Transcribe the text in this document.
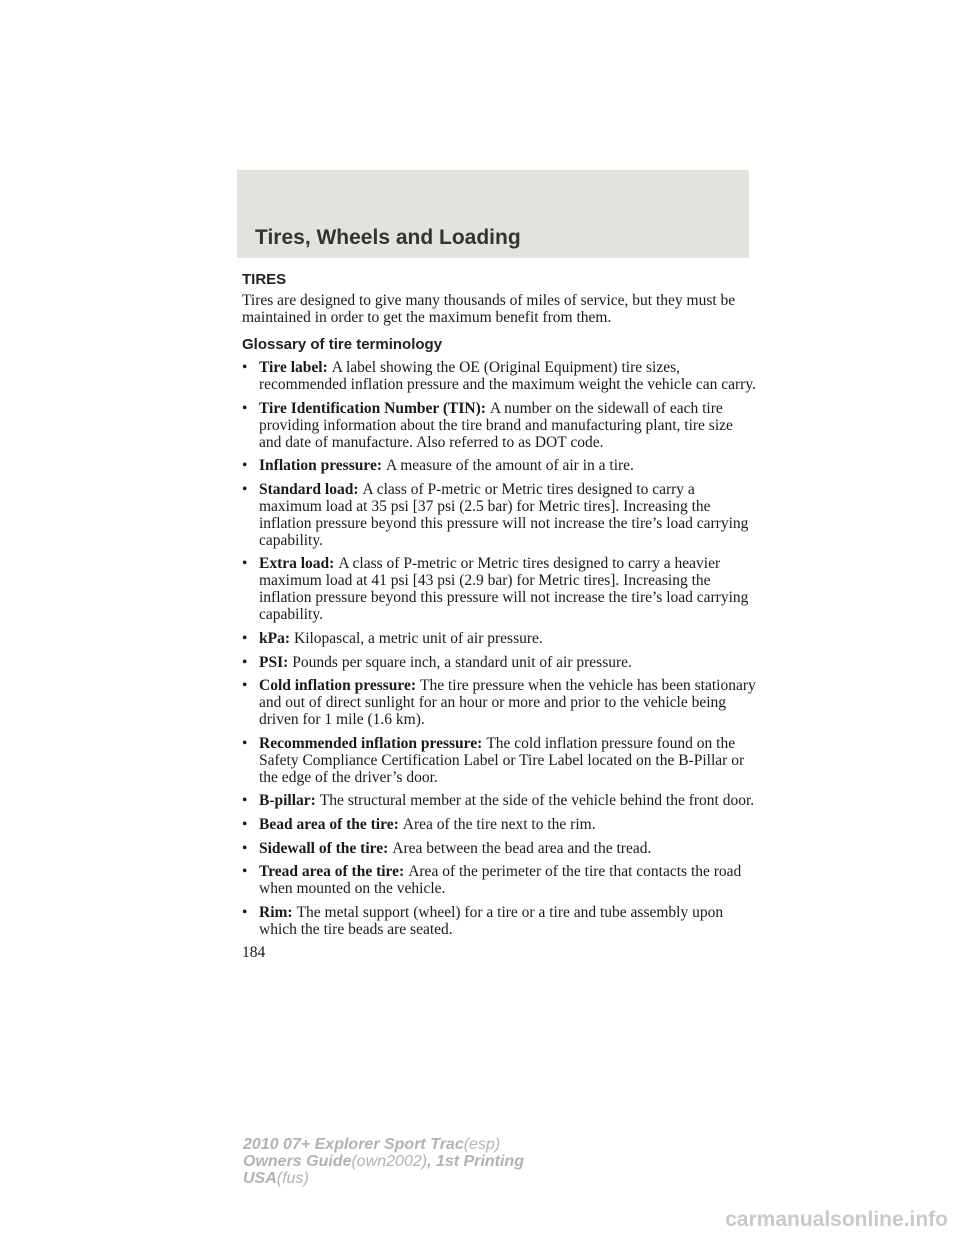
Tires, Wheels and Loading
TIRES

Tires are designed to give many thousands of miles of service, but they must be maintained in order to get the maximum benefit from them.

Glossary of tire terminology
• Tire label: A label showing the OE (Original Equipment) tire sizes, recommended inflation pressure and the maximum weight the vehicle can carry.
• Tire Identification Number (TIN): A number on the sidewall of each tire providing information about the tire brand and manufacturing plant, tire size and date of manufacture. Also referred to as DOT code.
• Inflation pressure: A measure of the amount of air in a tire.
• Standard load: A class of P-metric or Metric tires designed to carry a maximum load at 35 psi [37 psi (2.5 bar) for Metric tires]. Increasing the inflation pressure beyond this pressure will not increase the tire’s load carrying capability.
• Extra load: A class of P-metric or Metric tires designed to carry a heavier maximum load at 41 psi [43 psi (2.9 bar) for Metric tires]. Increasing the inflation pressure beyond this pressure will not increase the tire’s load carrying capability.
• kPa: Kilopascal, a metric unit of air pressure.
• PSI: Pounds per square inch, a standard unit of air pressure.
• Cold inflation pressure: The tire pressure when the vehicle has been stationary and out of direct sunlight for an hour or more and prior to the vehicle being driven for 1 mile (1.6 km).
• Recommended inflation pressure: The cold inflation pressure found on the Safety Compliance Certification Label or Tire Label located on the B-Pillar or the edge of the driver’s door.
• B-pillar: The structural member at the side of the vehicle behind the front door.
• Bead area of the tire: Area of the tire next to the rim.
• Sidewall of the tire: Area between the bead area and the tread.
• Tread area of the tire: Area of the perimeter of the tire that contacts the road when mounted on the vehicle.
• Rim: The metal support (wheel) for a tire or a tire and tube assembly upon which the tire beads are seated.
184
2010 07+ Explorer Sport Trac(esp)
Owners Guide(own2002), 1st Printing
USA(fus)
carmanualsonline.info
